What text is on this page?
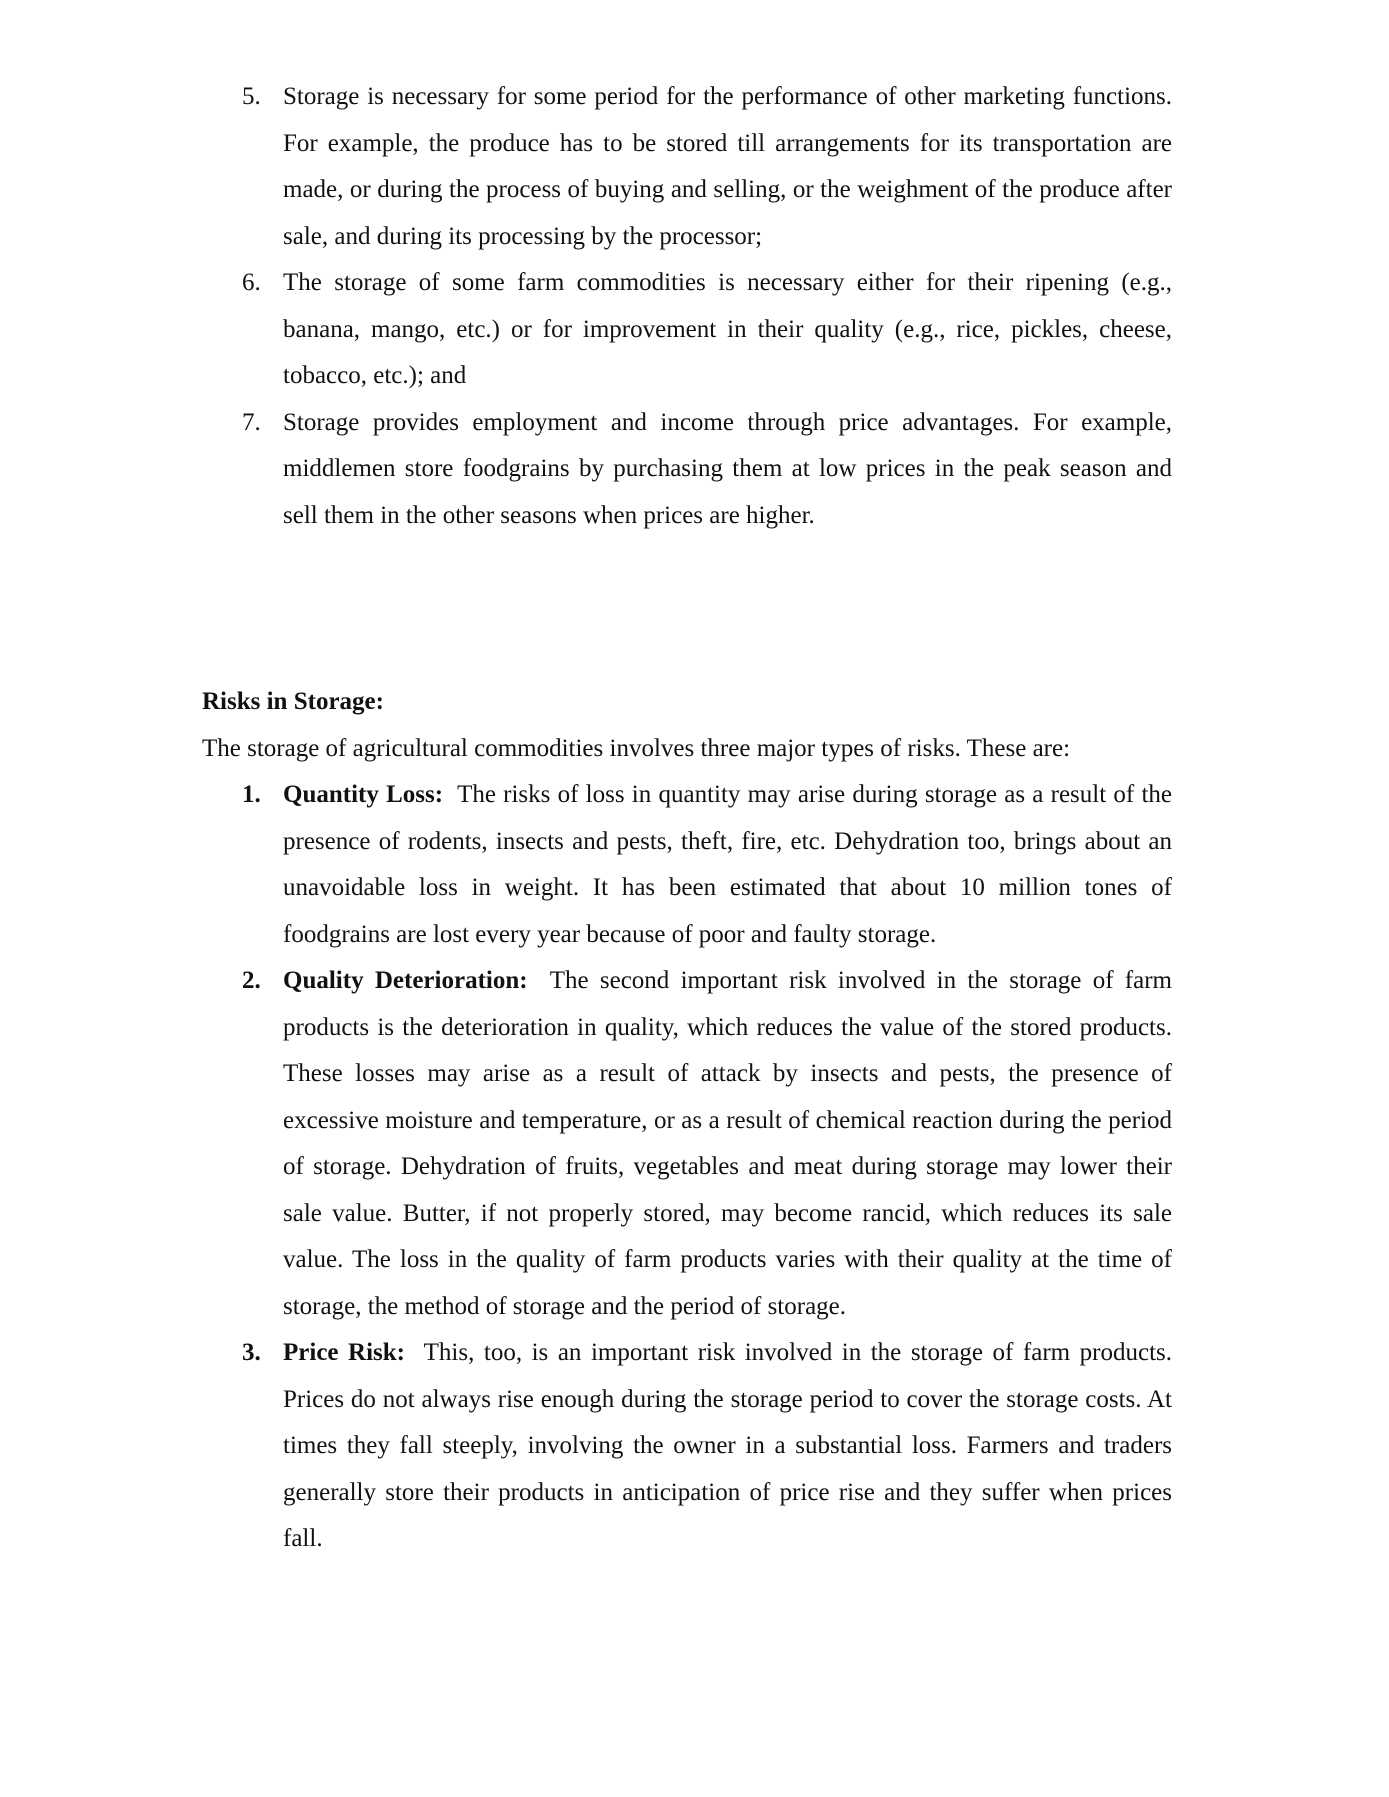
5. Storage is necessary for some period for the performance of other marketing functions. For example, the produce has to be stored till arrangements for its transportation are made, or during the process of buying and selling, or the weighment of the produce after sale, and during its processing by the processor;
6. The storage of some farm commodities is necessary either for their ripening (e.g., banana, mango, etc.) or for improvement in their quality (e.g., rice, pickles, cheese, tobacco, etc.); and
7. Storage provides employment and income through price advantages. For example, middlemen store foodgrains by purchasing them at low prices in the peak season and sell them in the other seasons when prices are higher.
Risks in Storage:

The storage of agricultural commodities involves three major types of risks. These are:

1. Quantity Loss: The risks of loss in quantity may arise during storage as a result of the presence of rodents, insects and pests, theft, fire, etc. Dehydration too, brings about an unavoidable loss in weight. It has been estimated that about 10 million tones of foodgrains are lost every year because of poor and faulty storage.
2. Quality Deterioration: The second important risk involved in the storage of farm products is the deterioration in quality, which reduces the value of the stored products. These losses may arise as a result of attack by insects and pests, the presence of excessive moisture and temperature, or as a result of chemical reaction during the period of storage. Dehydration of fruits, vegetables and meat during storage may lower their sale value. Butter, if not properly stored, may become rancid, which reduces its sale value. The loss in the quality of farm products varies with their quality at the time of storage, the method of storage and the period of storage.
3. Price Risk: This, too, is an important risk involved in the storage of farm products. Prices do not always rise enough during the storage period to cover the storage costs. At times they fall steeply, involving the owner in a substantial loss. Farmers and traders generally store their products in anticipation of price rise and they suffer when prices fall.
